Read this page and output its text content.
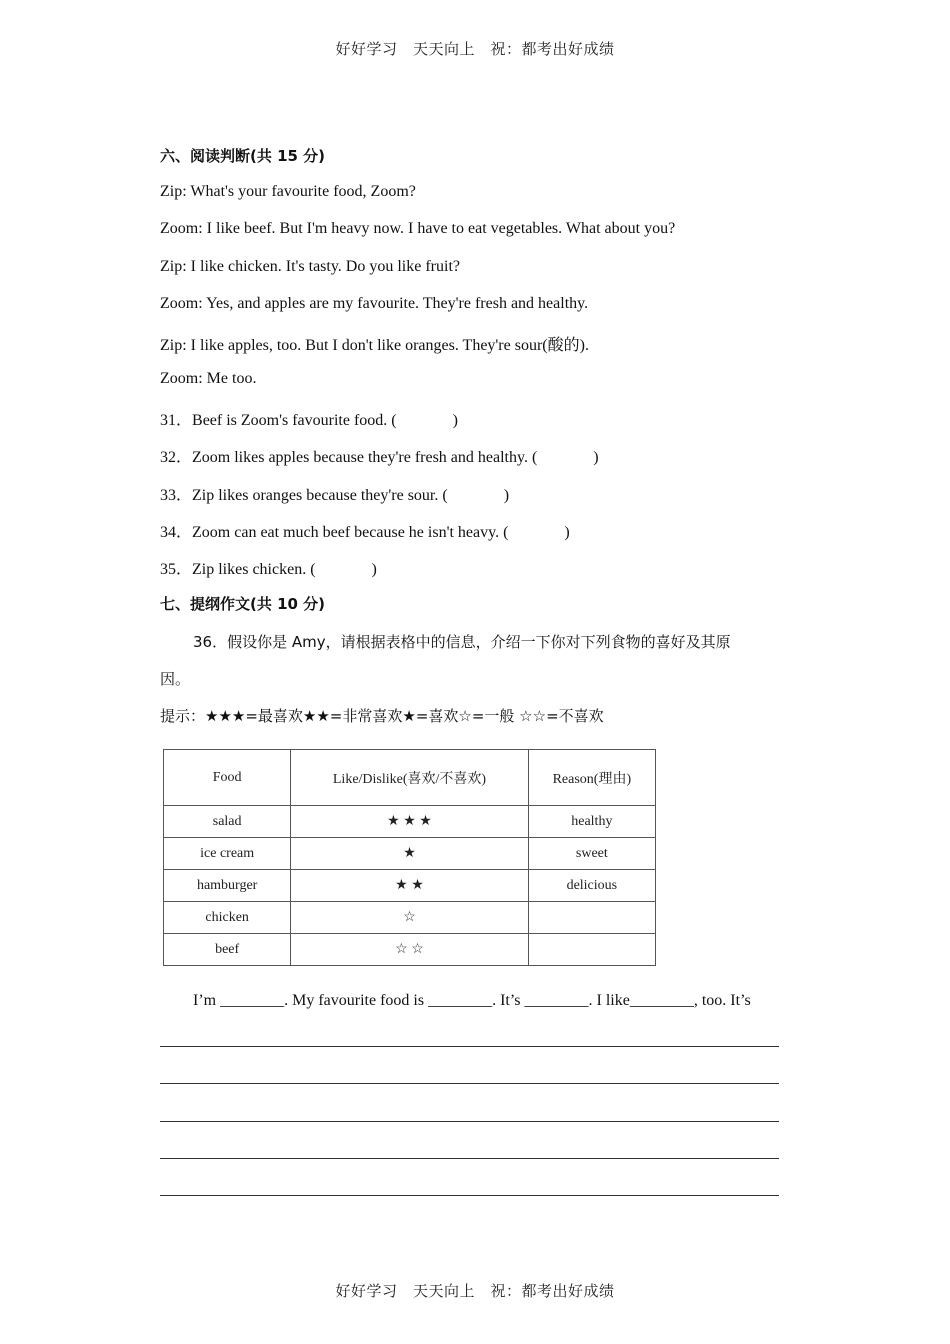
好好学习　天天向上　祝：都考出好成绩
六、阅读判断(共 15 分)
Zip: What's your favourite food, Zoom?
Zoom: I like beef. But I'm heavy now. I have to eat vegetables. What about you?
Zip: I like chicken. It's tasty. Do you like fruit?
Zoom: Yes, and apples are my favourite. They're fresh and healthy.
Zip: I like apples, too. But I don't like oranges. They're sour(酸的).
Zoom: Me too.
31．Beef is Zoom's favourite food. (	)
32．Zoom likes apples because they're fresh and healthy. (	)
33．Zip likes oranges because they're sour. (	)
34．Zoom can eat much beef because he isn't heavy. (	)
35．Zip likes chicken. (	)
七、提纲作文(共 10 分)
36．假设你是 Amy，请根据表格中的信息，介绍一下你对下列食物的喜好及其原
因。
提示：★★★=最喜欢★★=非常喜欢★=喜欢☆=一般 ☆☆=不喜欢
Food	Like/Dislike(喜欢/不喜欢)	Reason(理由)
salad	★ ★ ★	healthy
ice cream	★	sweet
hamburger	★ ★	delicious
chicken	☆	
beef	☆ ☆	
I’m ________. My favourite food is ________. It’s ________. I like________, too. It’s
好好学习　天天向上　祝：都考出好成绩
